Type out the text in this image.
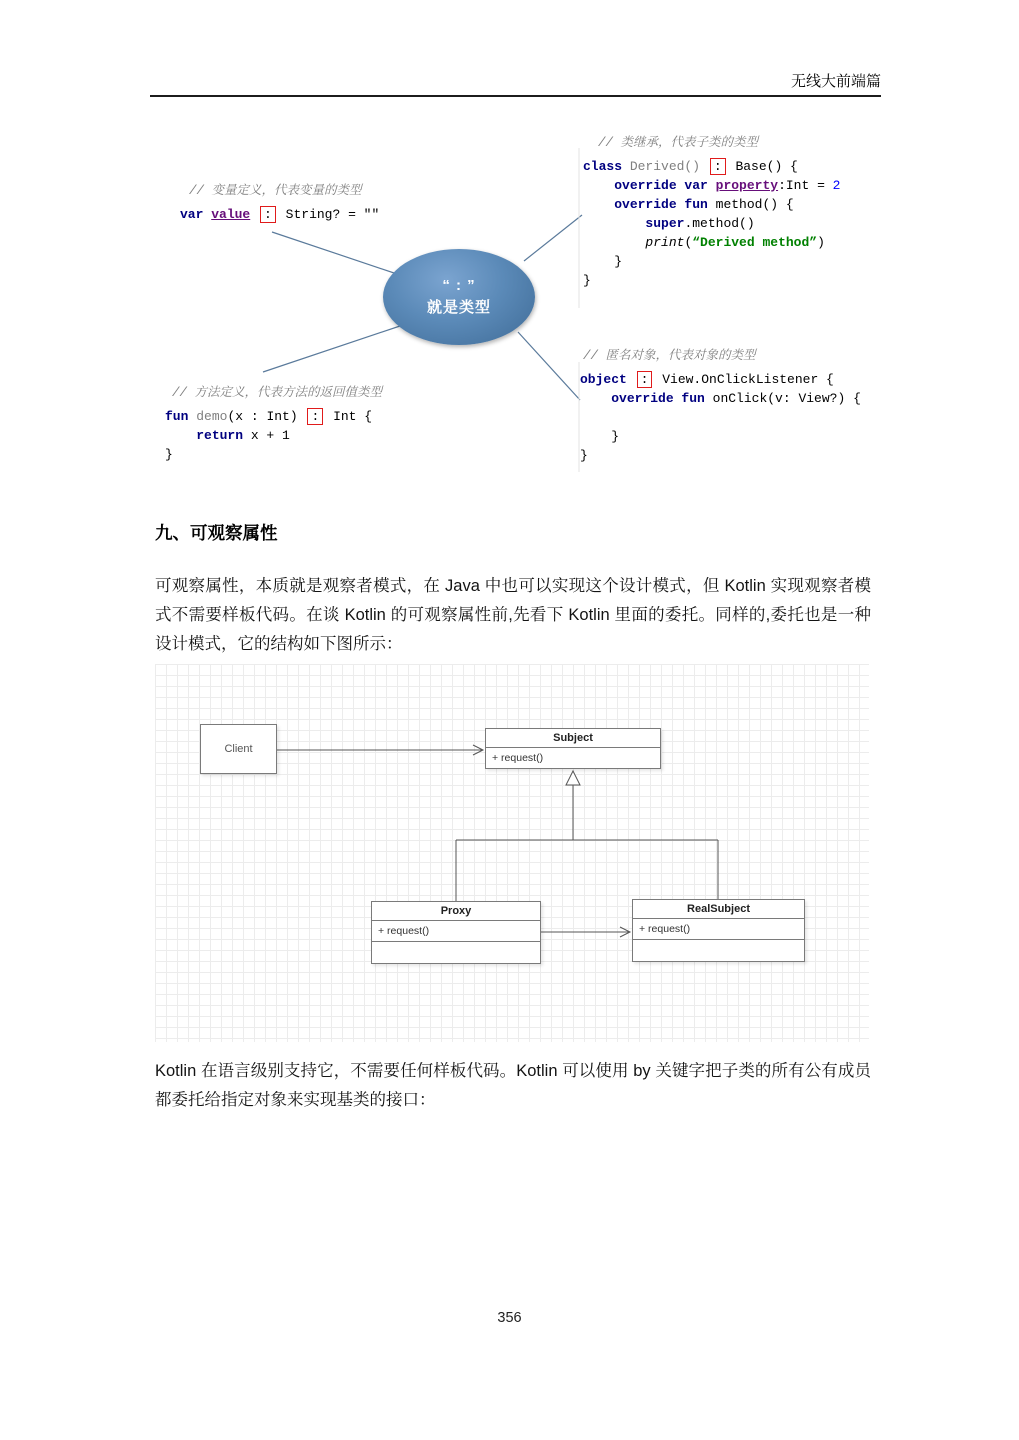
无线大前端篇
// 变量定义，代表变量的类型
var value : String? = ″″
// 类继承，代表子类的类型
class Derived() : Base() {
override var property:Int = 2
override fun method() {
super.method()
print(“Derived method”)
}
}
“ : ”
就是类型
// 方法定义，代表方法的返回值类型
fun demo(x : Int) : Int {
return x + 1
}
// 匿名对象，代表对象的类型
object : View.OnClickListener {
override fun onClick(v: View?) {

}
}
九、可观察属性

可观察属性，本质就是观察者模式，在 Java 中也可以实现这个设计模式，但 Kotlin 实现观察者模式不需要样板代码。在谈 Kotlin 的可观察属性前,先看下 Kotlin 里面的委托。同样的,委托也是一种设计模式，它的结构如下图所示：

Client
Subject
+ request()
Proxy
+ request()
RealSubject
+ request()

Kotlin 在语言级别支持它，不需要任何样板代码。Kotlin 可以使用 by 关键字把子类的所有公有成员都委托给指定对象来实现基类的接口：

356
